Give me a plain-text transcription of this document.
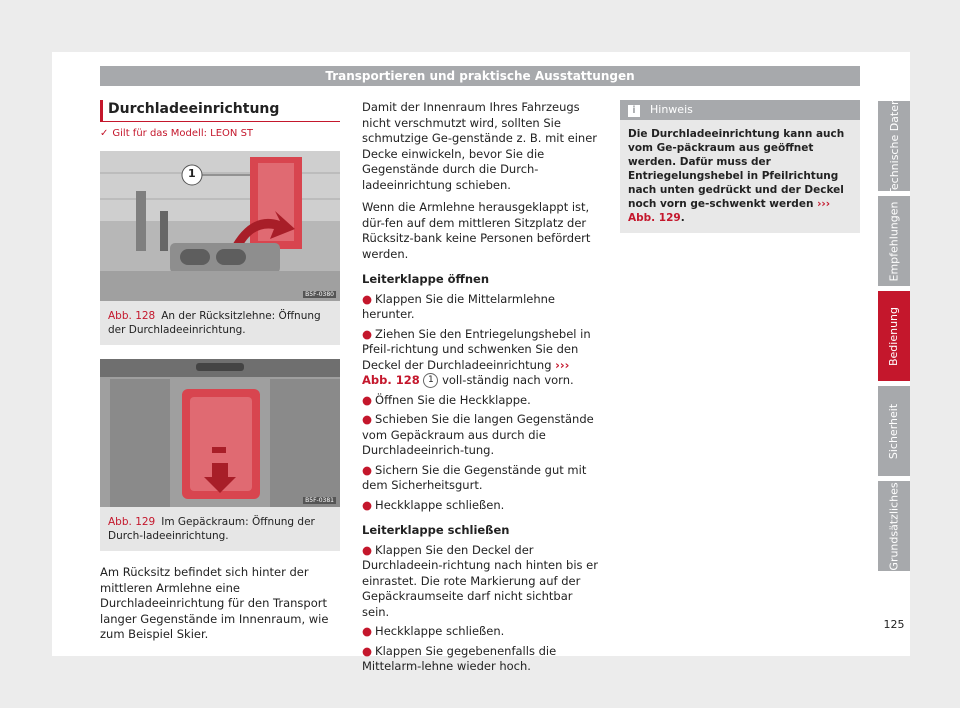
Transportieren und praktische Ausstattungen
Durchladeeinrichtung
✓ Gilt für das Modell: LEON ST
1
B5F-0380
Abb. 128 An der Rücksitzlehne: Öffnung der Durchladeeinrichtung.
B5F-0381
Abb. 129 Im Gepäckraum: Öffnung der Durch-ladeeinrichtung.
Am Rücksitz befindet sich hinter der mittleren Armlehne eine Durchladeeinrichtung für den Transport langer Gegenstände im Innenraum, wie zum Beispiel Skier.

Damit der Innenraum Ihres Fahrzeugs nicht verschmutzt wird, sollten Sie schmutzige Ge-genstände z. B. mit einer Decke einwickeln, bevor Sie die Gegenstände durch die Durch-ladeeinrichtung schieben.

Wenn die Armlehne herausgeklappt ist, dür-fen auf dem mittleren Sitzplatz der Rücksitz-bank keine Personen befördert werden.

Leiterklappe öffnen
● Klappen Sie die Mittelarmlehne herunter.
● Ziehen Sie den Entriegelungshebel in Pfeil-richtung und schwenken Sie den Deckel der Durchladeeinrichtung ››› Abb. 128 1 voll-ständig nach vorn.
● Öffnen Sie die Heckklappe.
● Schieben Sie die langen Gegenstände vom Gepäckraum aus durch die Durchladeeinrich-tung.
● Sichern Sie die Gegenstände gut mit dem Sicherheitsgurt.
● Heckklappe schließen.
Leiterklappe schließen
● Klappen Sie den Deckel der Durchladeein-richtung nach hinten bis er einrastet. Die rote Markierung auf der Gepäckraumseite darf nicht sichtbar sein.
● Heckklappe schließen.
● Klappen Sie gegebenenfalls die Mittelarm-lehne wieder hoch.
i Hinweis
Die Durchladeeinrichtung kann auch vom Ge-päckraum aus geöffnet werden. Dafür muss der Entriegelungshebel in Pfeilrichtung nach unten gedrückt und der Deckel noch vorn ge-schwenkt werden ››› Abb. 129.
Technische Daten
Empfehlungen
Bedienung
Sicherheit
Grundsätzliches
125
